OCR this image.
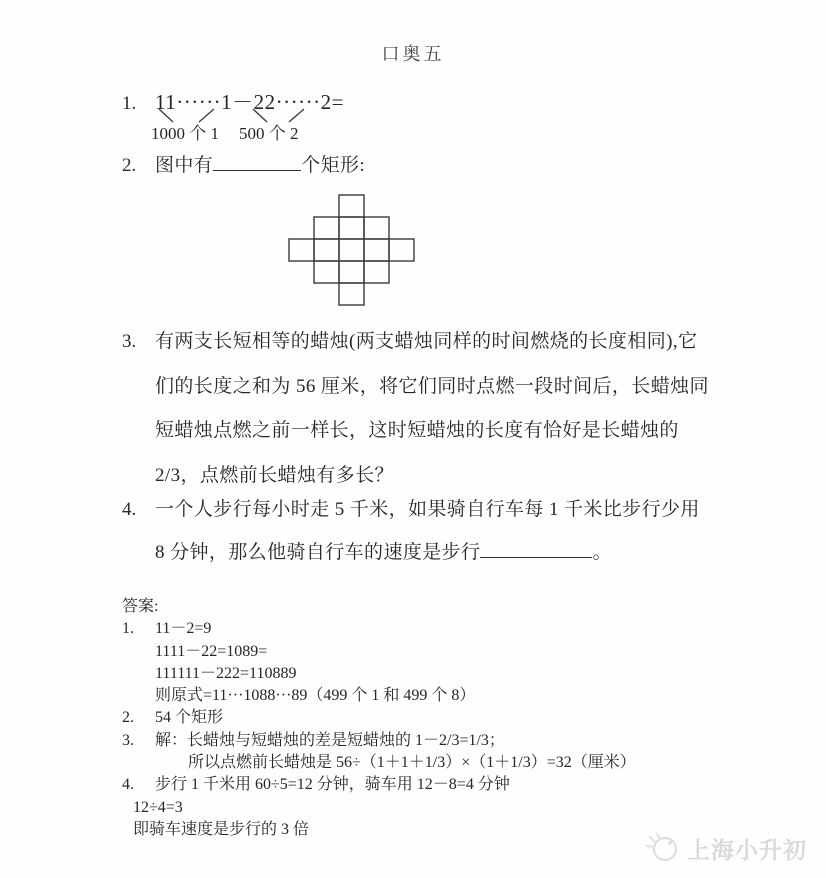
口奥五
1. 11······1－22······2=
1000 个 1 500 个 2
2. 图中有	个矩形:
3. 有两支长短相等的蜡烛(两支蜡烛同样的时间燃烧的长度相同),它
们的长度之和为 56 厘米，将它们同时点燃一段时间后，长蜡烛同
短蜡烛点燃之前一样长，这时短蜡烛的长度有恰好是长蜡烛的
2/3，点燃前长蜡烛有多长？
4. 一个人步行每小时走 5 千米，如果骑自行车每 1 千米比步行少用
8 分钟，那么他骑自行车的速度是步行	。
答案:
1. 11－2=9
1111－22=1089=
111111－222=110889
则原式=11···1088···89（499 个 1 和 499 个 8）
2. 54 个矩形
3. 解：长蜡烛与短蜡烛的差是短蜡烛的 1－2/3=1/3；
所以点燃前长蜡烛是 56÷（1＋1＋1/3）×（1＋1/3）=32（厘米）
4. 步行 1 千米用 60÷5=12 分钟，骑车用 12－8=4 分钟
12÷4=3
即骑车速度是步行的 3 倍
上海小升初
